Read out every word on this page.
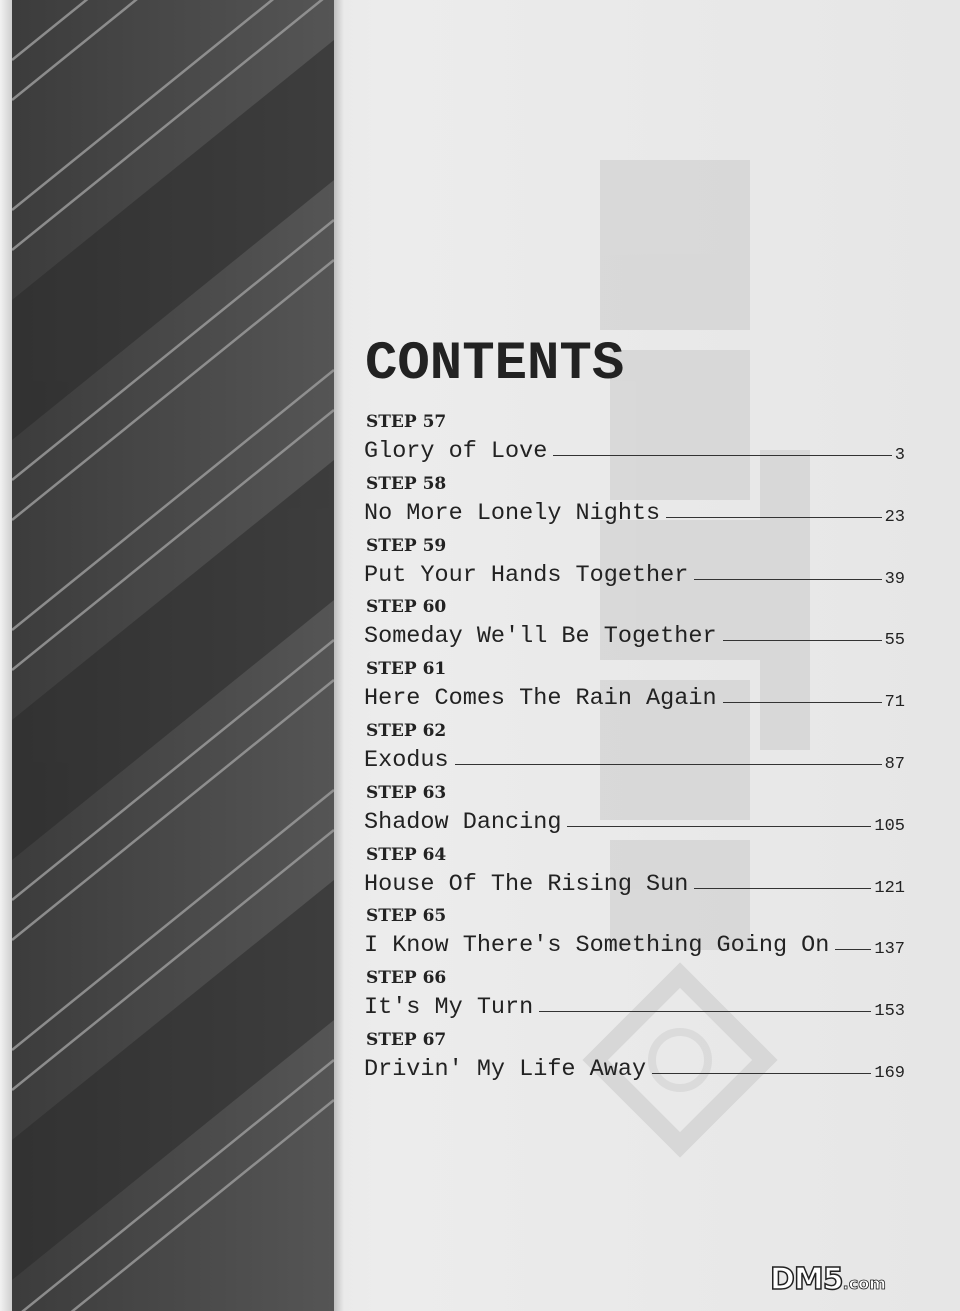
CONTENTS
STEP 57
Glory of Love	3
STEP 58
No More Lonely Nights	23
STEP 59
Put Your Hands Together	39
STEP 60
Someday We'll Be Together	55
STEP 61
Here Comes The Rain Again	71
STEP 62
Exodus	87
STEP 63
Shadow Dancing	105
STEP 64
House Of The Rising Sun	121
STEP 65
I Know There's Something Going On	137
STEP 66
It's My Turn	153
STEP 67
Drivin' My Life Away	169
DM5.com
